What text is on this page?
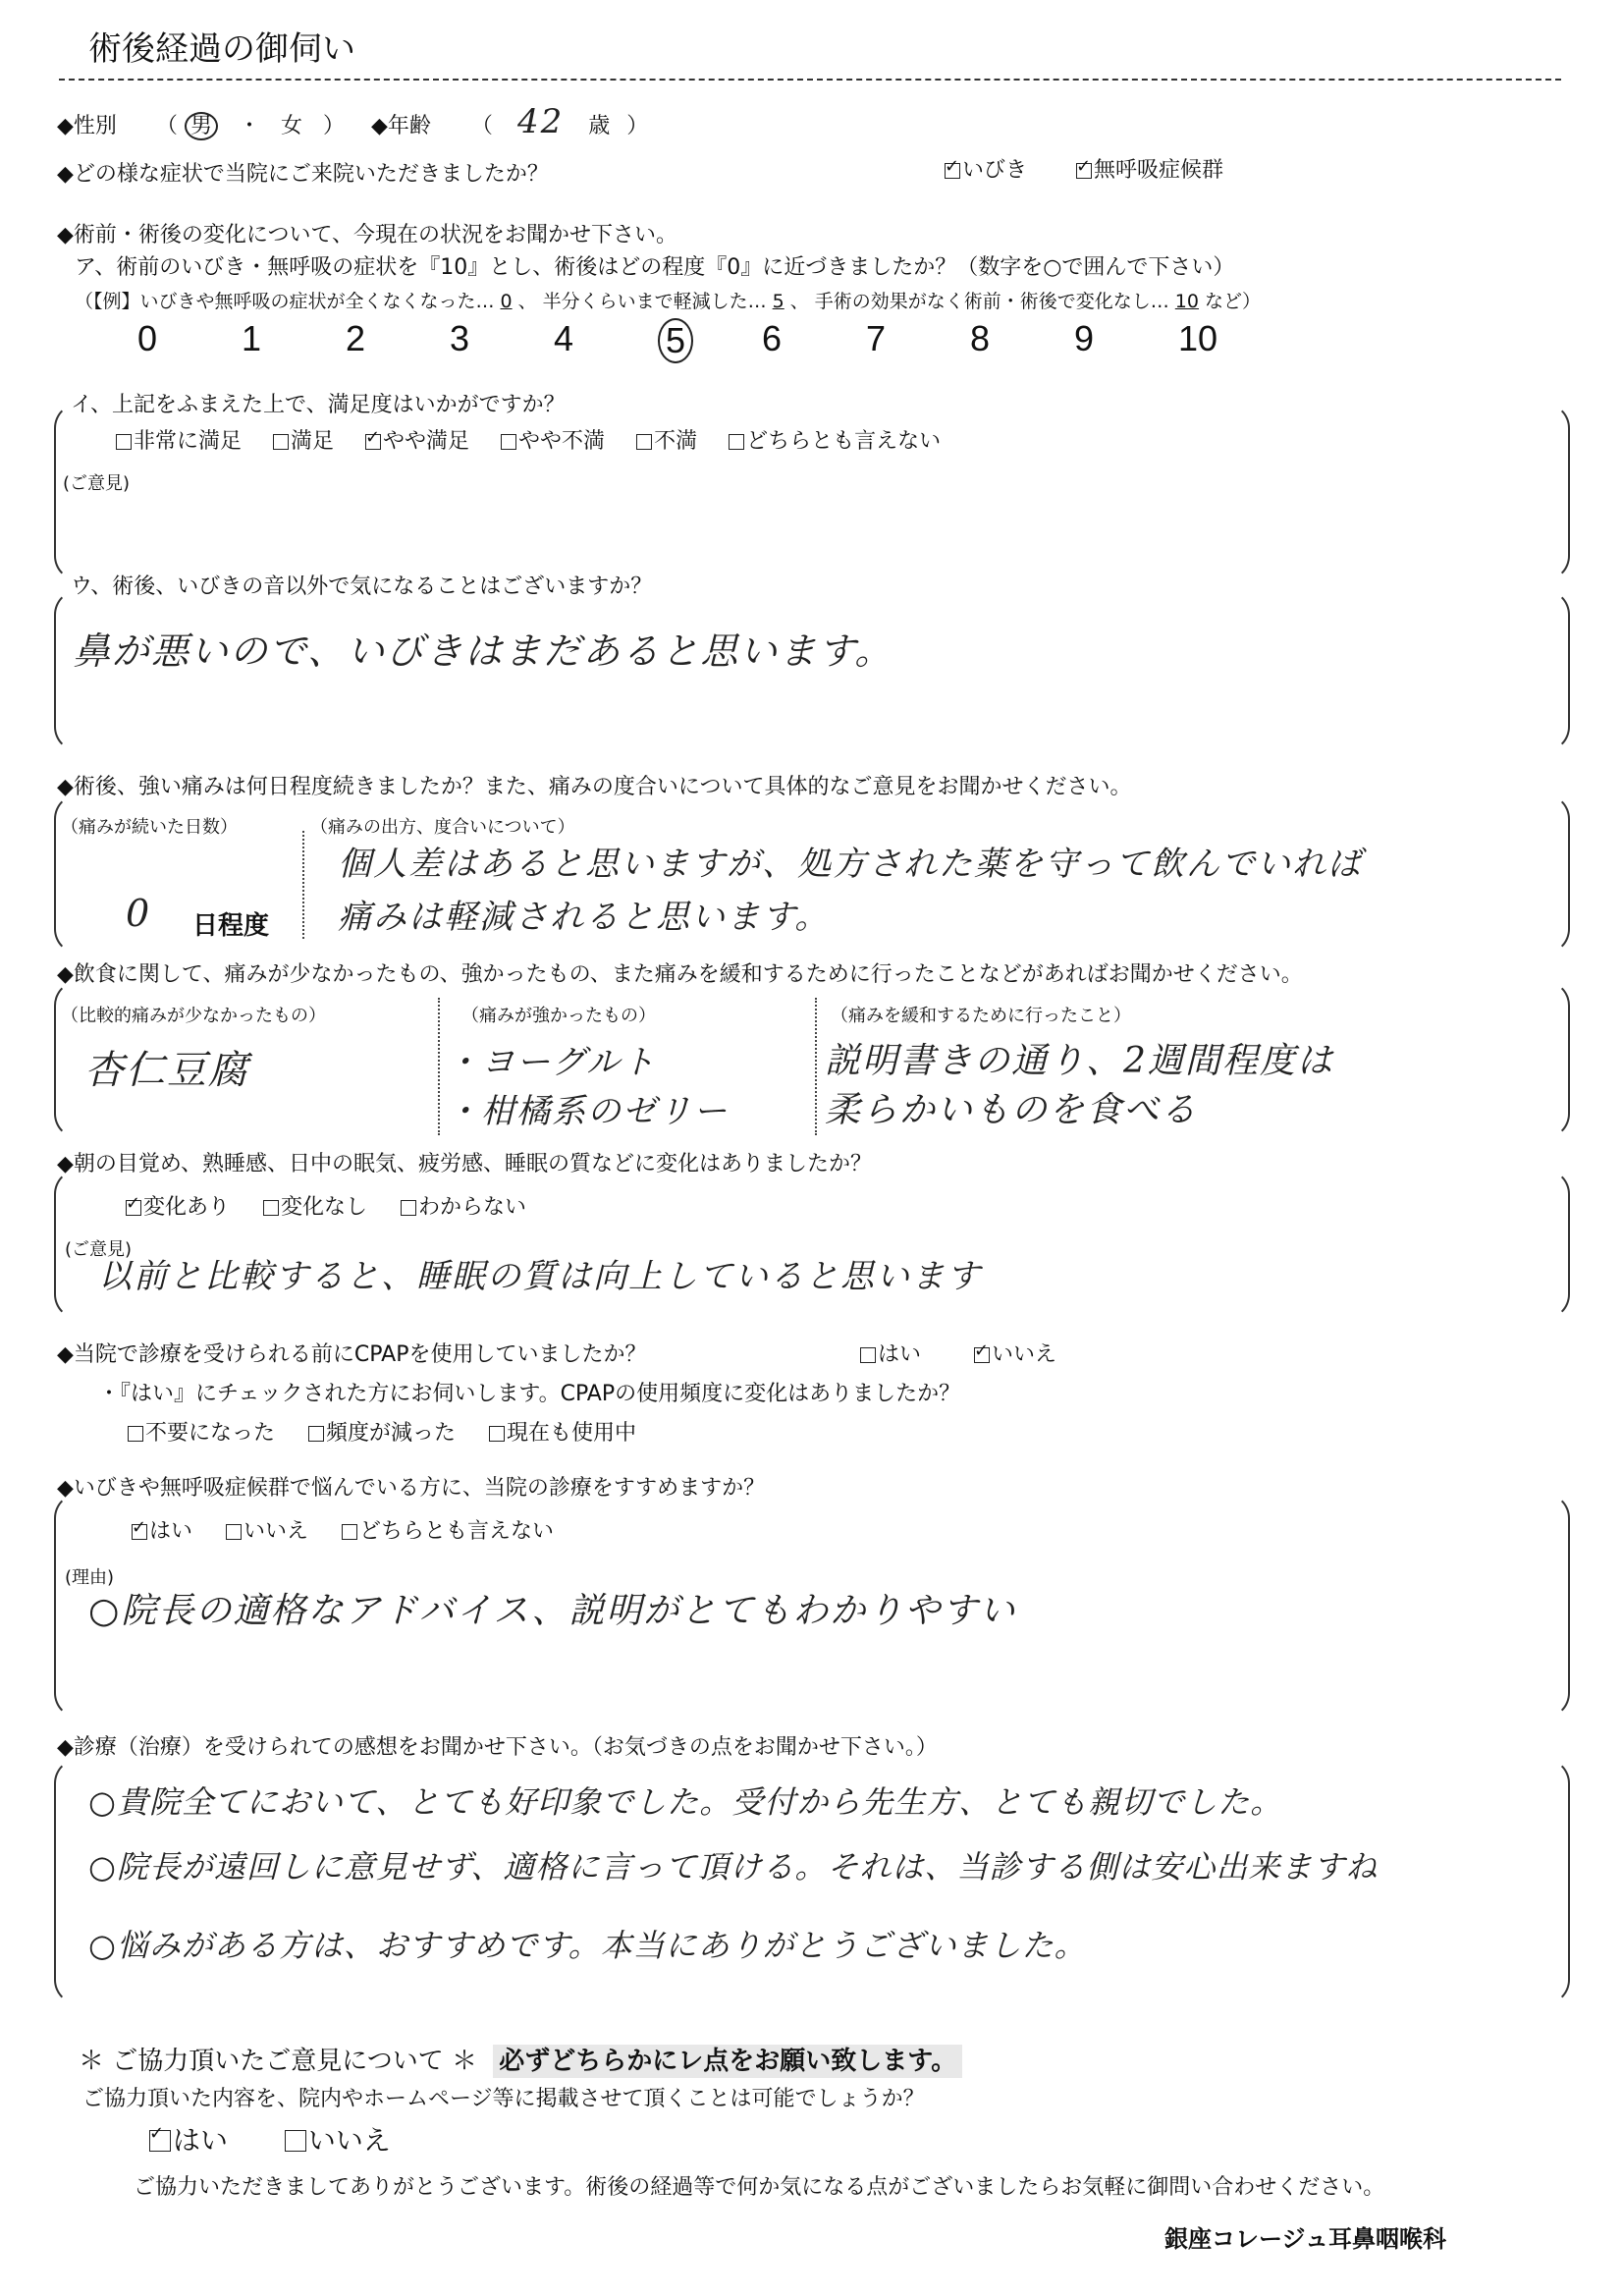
術後経過の御伺い
◆性別 （ 男 ・ 女 ） ◆年齢 （ 42 歳 ）
◆どの様な症状で当院にご来院いただきましたか？ ✓	いびき ✓	無呼吸症候群
◆術前・術後の変化について、今現在の状況をお聞かせ下さい。
ア、術前のいびき・無呼吸の症状を『10』とし、術後はどの程度『0』に近づきましたか？（数字を○で囲んで下さい）
（【例】いびきや無呼吸の症状が全くなくなった… 0 、 半分くらいまで軽減した… 5 、 手術の効果がなく術前・術後で変化なし… 10 など）
0 1 2 3 4	5 6 7 8 9 10
イ、上記をふまえた上で、満足度はいかがですか？
非常に満足 満足 ✓ やや満足 やや不満 不満 どちらとも言えない
(ご意見)
ウ、術後、いびきの音以外で気になることはございますか？
鼻が悪いので、いびきはまだあると思います。
◆術後、強い痛みは何日程度続きましたか？また、痛みの度合いについて具体的なご意見をお聞かせください。
（痛みが続いた日数）
0 日程度
（痛みの出方、度合いについて）
個人差はあると思いますが、処方された薬を守って飲んでいれば
痛みは軽減されると思います。
◆飲食に関して、痛みが少なかったもの、強かったもの、また痛みを緩和するために行ったことなどがあればお聞かせください。
（比較的痛みが少なかったもの）
杏仁豆腐
（痛みが強かったもの）
・ヨーグルト
・柑橘系のゼリー
（痛みを緩和するために行ったこと）
説明書きの通り、2週間程度は
柔らかいものを食べる
◆朝の目覚め、熟睡感、日中の眠気、疲労感、睡眠の質などに変化はありましたか？
✓変化あり 変化なし わからない
(ご意見)
以前と比較すると、睡眠の質は向上していると思います
◆当院で診療を受けられる前にCPAPを使用していましたか？	はい ✓	いいえ
・『はい』にチェックされた方にお伺いします。CPAPの使用頻度に変化はありましたか？
不要になった 頻度が減った 現在も使用中
◆いびきや無呼吸症候群で悩んでいる方に、当院の診療をすすめますか？
✓はい いいえ どちらとも言えない
(理由)
○院長の適格なアドバイス、説明がとてもわかりやすい
◆診療（治療）を受けられての感想をお聞かせ下さい。（お気づきの点をお聞かせ下さい。）
○貴院全てにおいて、とても好印象でした。受付から先生方、とても親切でした。
○院長が遠回しに意見せず、適格に言って頂ける。それは、当診する側は安心出来ますね
○悩みがある方は、おすすめです。本当にありがとうございました。
＊ ご協力頂いたご意見について ＊ 必ずどちらかにレ点をお願い致します。
ご協力頂いた内容を、院内やホームページ等に掲載させて頂くことは可能でしょうか？
✓はい	いいえ
ご協力いただきましてありがとうございます。術後の経過等で何か気になる点がございましたらお気軽に御問い合わせください。
銀座コレージュ耳鼻咽喉科
